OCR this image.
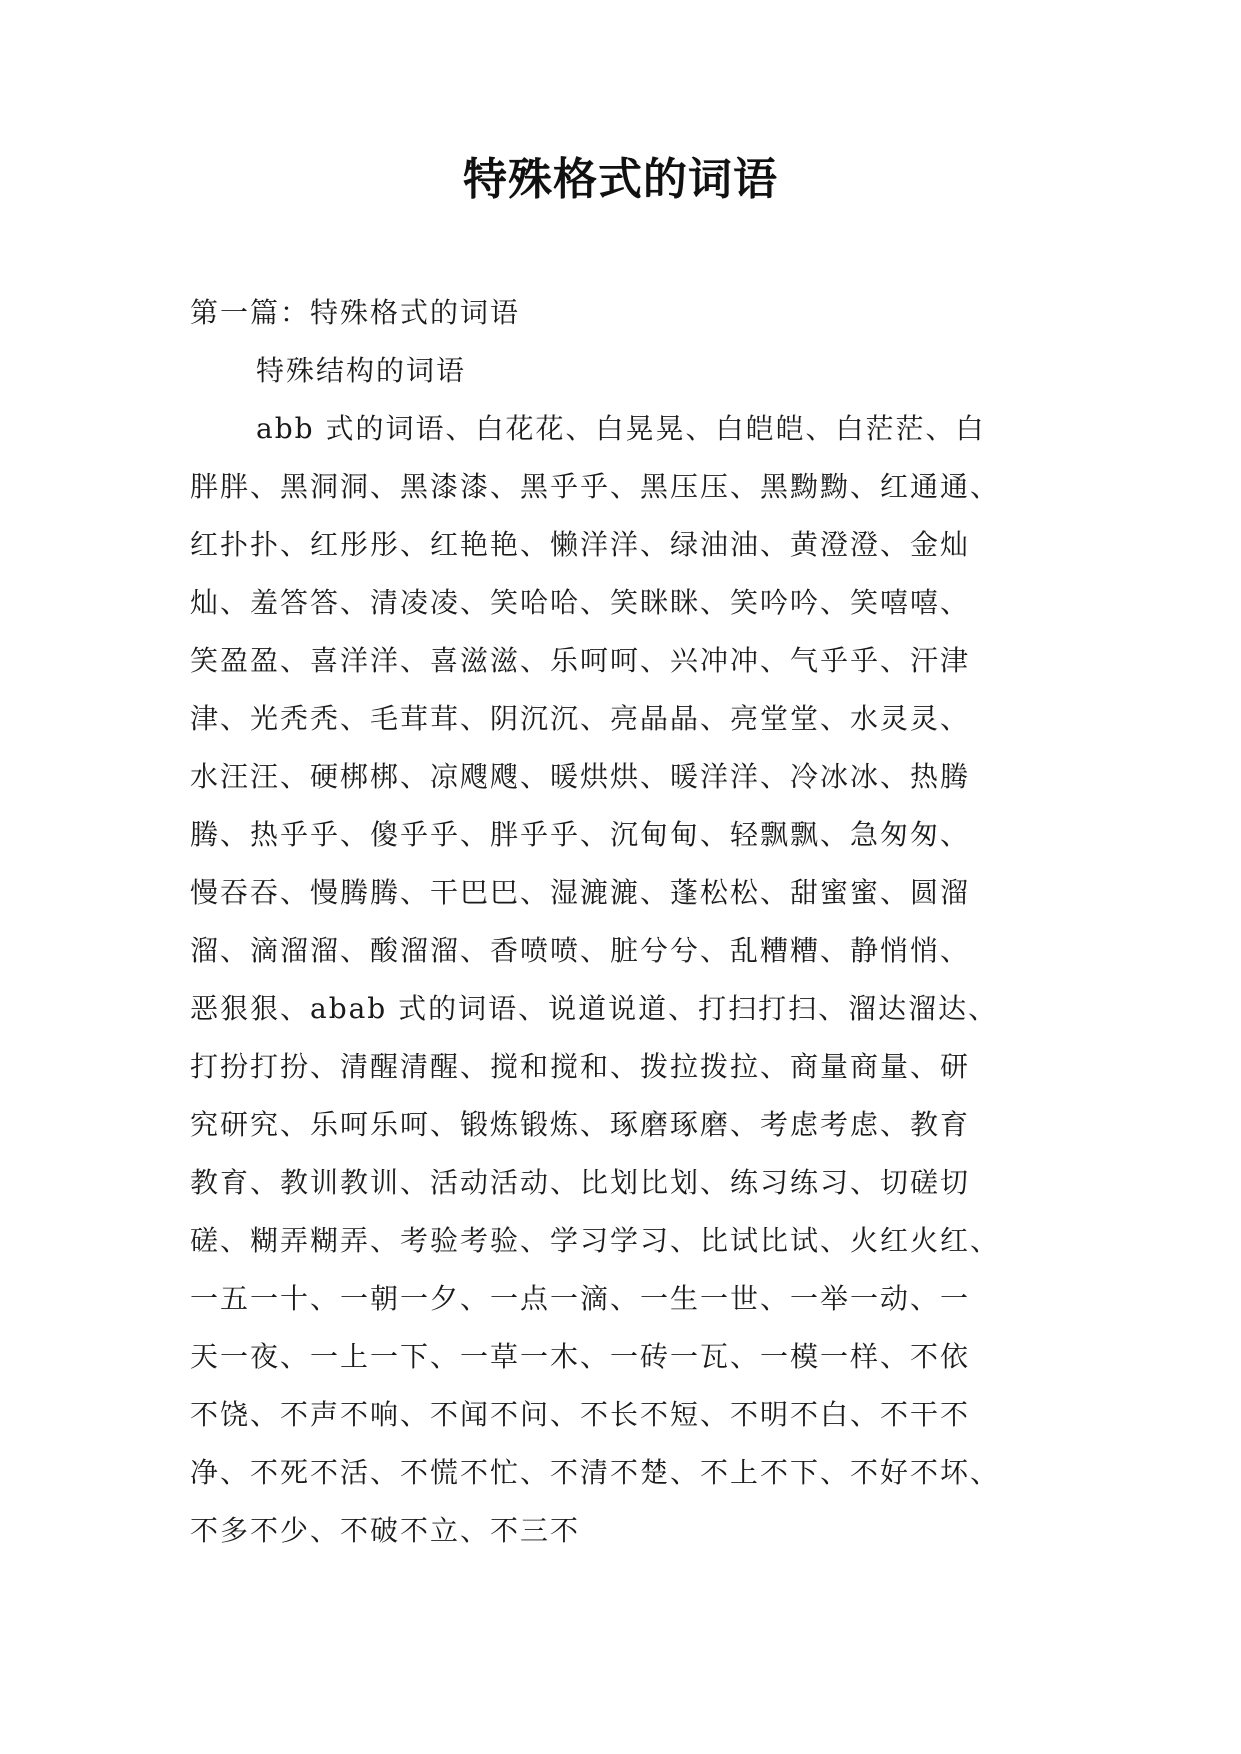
特殊格式的词语
第一篇：特殊格式的词语
特殊结构的词语
abb 式的词语、白花花、白晃晃、白皑皑、白茫茫、白
胖胖、黑洞洞、黑漆漆、黑乎乎、黑压压、黑黝黝、红通通、
红扑扑、红彤彤、红艳艳、懒洋洋、绿油油、黄澄澄、金灿
灿、羞答答、清凌凌、笑哈哈、笑眯眯、笑吟吟、笑嘻嘻、
笑盈盈、喜洋洋、喜滋滋、乐呵呵、兴冲冲、气乎乎、汗津
津、光秃秃、毛茸茸、阴沉沉、亮晶晶、亮堂堂、水灵灵、
水汪汪、硬梆梆、凉飕飕、暖烘烘、暖洋洋、冷冰冰、热腾
腾、热乎乎、傻乎乎、胖乎乎、沉甸甸、轻飘飘、急匆匆、
慢吞吞、慢腾腾、干巴巴、湿漉漉、蓬松松、甜蜜蜜、圆溜
溜、滴溜溜、酸溜溜、香喷喷、脏兮兮、乱糟糟、静悄悄、
恶狠狠、abab 式的词语、说道说道、打扫打扫、溜达溜达、
打扮打扮、清醒清醒、搅和搅和、拨拉拨拉、商量商量、研
究研究、乐呵乐呵、锻炼锻炼、琢磨琢磨、考虑考虑、教育
教育、教训教训、活动活动、比划比划、练习练习、切磋切
磋、糊弄糊弄、考验考验、学习学习、比试比试、火红火红、
一五一十、一朝一夕、一点一滴、一生一世、一举一动、一
天一夜、一上一下、一草一木、一砖一瓦、一模一样、不依
不饶、不声不响、不闻不问、不长不短、不明不白、不干不
净、不死不活、不慌不忙、不清不楚、不上不下、不好不坏、
不多不少、不破不立、不三不
